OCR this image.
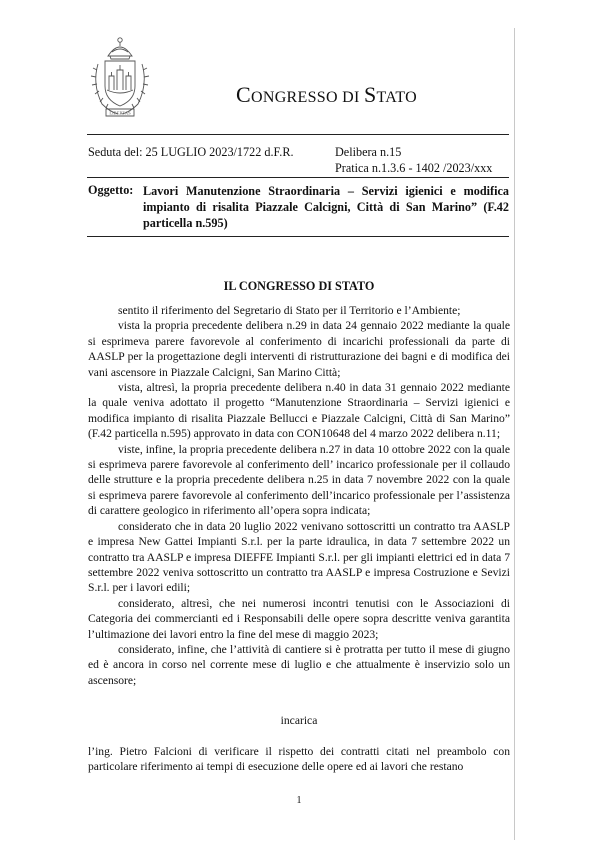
LIBERTAS
CONGRESSO DI STATO
Seduta del: 25 LUGLIO 2023/1722 d.F.R.	Delibera n.15
Pratica n.1.3.6 - 1402 /2023/xxx
Oggetto: Lavori Manutenzione Straordinaria – Servizi igienici e modifica impianto di risalita Piazzale Calcigni, Città di San Marino” (F.42 particella n.595)
IL CONGRESSO DI STATO

sentito il riferimento del Segretario di Stato per il Territorio e l’Ambiente;

vista la propria precedente delibera n.29 in data 24 gennaio 2022 mediante la quale si esprimeva parere favorevole al conferimento di incarichi professionali da parte di AASLP per la progettazione degli interventi di ristrutturazione dei bagni e di modifica dei vani ascensore in Piazzale Calcigni, San Marino Città;

vista, altresì, la propria precedente delibera n.40 in data 31 gennaio 2022 mediante la quale veniva adottato il progetto “Manutenzione Straordinaria – Servizi igienici e modifica impianto di risalita Piazzale Bellucci e Piazzale Calcigni, Città di San Marino” (F.42 particella n.595) approvato in data con CON10648 del 4 marzo 2022 delibera n.11;

viste, infine, la propria precedente delibera n.27 in data 10 ottobre 2022 con la quale si esprimeva parere favorevole al conferimento dell’ incarico professionale per il collaudo delle strutture e la propria precedente delibera n.25 in data 7 novembre 2022 con la quale si esprimeva parere favorevole al conferimento dell’incarico professionale per l’assistenza di carattere geologico in riferimento all’opera sopra indicata;

considerato che in data 20 luglio 2022 venivano sottoscritti un contratto tra AASLP e impresa New Gattei Impianti S.r.l. per la parte idraulica, in data 7 settembre 2022 un contratto tra AASLP e impresa DIEFFE Impianti S.r.l. per gli impianti elettrici ed in data 7 settembre 2022 veniva sottoscritto un contratto tra AASLP e impresa Costruzione e Sevizi S.r.l. per i lavori edili;

considerato, altresì, che nei numerosi incontri tenutisi con le Associazioni di Categoria dei commercianti ed i Responsabili delle opere sopra descritte veniva garantita l’ultimazione dei lavori entro la fine del mese di maggio 2023;

considerato, infine, che l’attività di cantiere si è protratta per tutto il mese di giugno ed è ancora in corso nel corrente mese di luglio e che attualmente è inservizio solo un ascensore;

incarica
l’ing. Pietro Falcioni di verificare il rispetto dei contratti citati nel preambolo con particolare riferimento ai tempi di esecuzione delle opere ed ai lavori che restano
1
